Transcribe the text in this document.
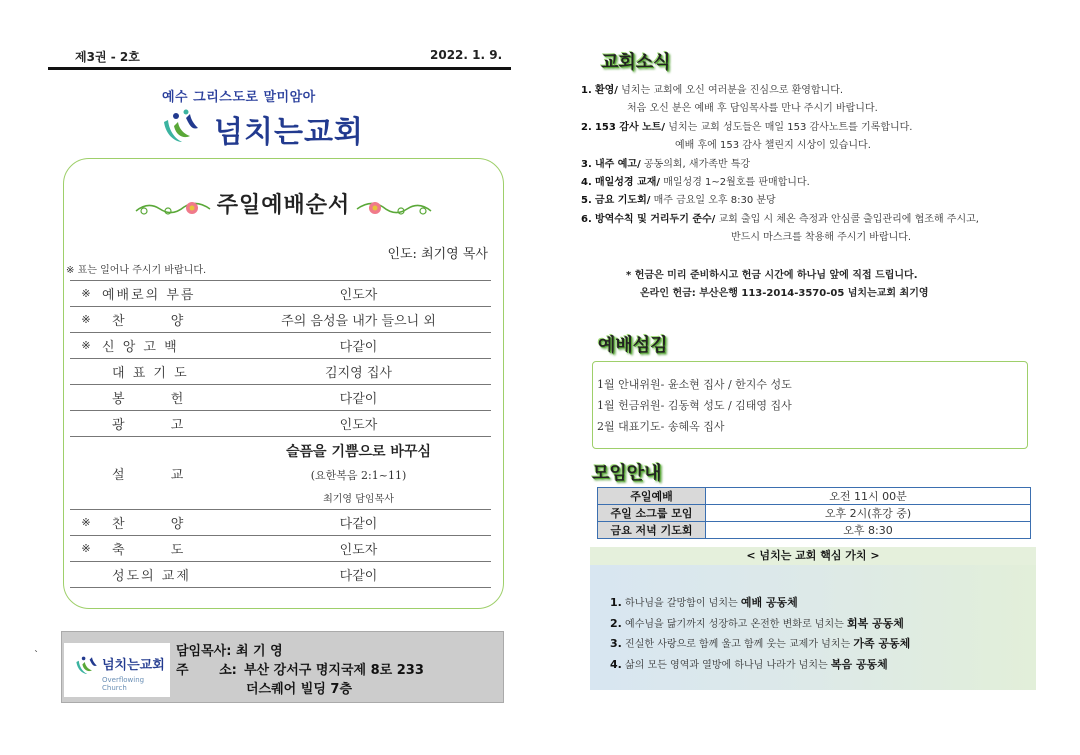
제3권 - 2호	2022. 1. 9.
예수 그리스도로 말미암아
넘치는교회
주일예배순서
인도: 최기영 목사
※ 표는 일어나 주시기 바랍니다.
※	예배로의 부름	인도자
※	찬 양	주의 음성을 내가 들으니 외
※	신 앙 고 백	다같이
	대 표 기 도	김지영 집사
	봉 헌	다같이
	광 고	인도자
	설 교	슬픔을 기쁨으로 바꾸심
(요한복음 2:1~11)
최기영 담임목사

※	찬 양	다같이
※	축 도	인도자
	성도의 교제	다같이
`
넘치는교회
Overflowing Church
담임목사: 최 기 영
주 소: 부산 강서구 명지국제 8로 233
더스퀘어 빌딩 7층
교회소식
1. 환영/ 넘치는 교회에 오신 여러분을 진심으로 환영합니다.
처음 오신 분은 예배 후 담임목사를 만나 주시기 바랍니다.
2. 153 감사 노트/ 넘치는 교회 성도들은 매일 153 감사노트를 기록합니다.
예배 후에 153 감사 챌린지 시상이 있습니다.
3. 내주 예고/ 공동의회, 새가족반 특강
4. 매일성경 교재/ 매일성경 1~2월호를 판매합니다.
5. 금요 기도회/ 매주 금요일 오후 8:30 분당
6. 방역수칙 및 거리두기 준수/ 교회 출입 시 체온 측정과 안심콜 출입관리에 협조해 주시고,
반드시 마스크를 착용해 주시기 바랍니다.
* 헌금은 미리 준비하시고 헌금 시간에 하나님 앞에 직접 드립니다.
온라인 헌금: 부산은행 113-2014-3570-05 넘치는교회 최기영
예배섬김
1월 안내위원- 윤소현 집사 / 한지수 성도
1월 헌금위원- 김동혁 성도 / 김태영 집사
2월 대표기도- 송혜옥 집사
모임안내
주일예배	오전 11시 00분
주일 소그룹 모임	오후 2시(휴강 중)
금요 저녁 기도회	오후 8:30
< 넘치는 교회 핵심 가치 >
1. 하나님을 갈망함이 넘치는 예배 공동체
2. 예수님을 닮기까지 성장하고 온전한 변화로 넘치는 회복 공동체
3. 진실한 사랑으로 함께 울고 함께 웃는 교제가 넘치는 가족 공동체
4. 삶의 모든 영역과 열방에 하나님 나라가 넘치는 복음 공동체
